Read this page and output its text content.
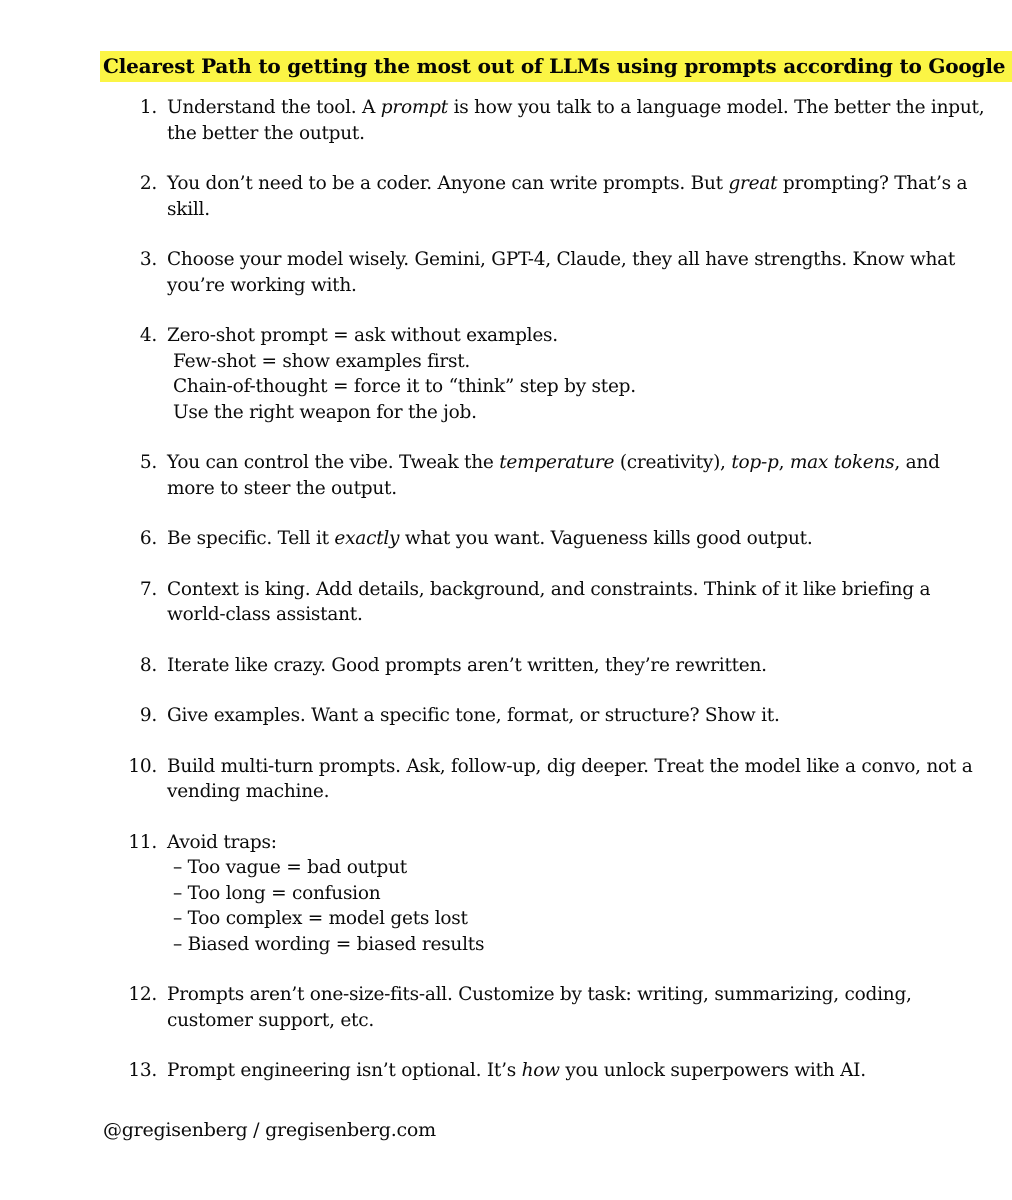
Clearest Path to getting the most out of LLMs using prompts according to Google
1. Understand the tool. A prompt is how you talk to a language model. The better the input,
the better the output.
2. You don’t need to be a coder. Anyone can write prompts. But great prompting? That’s a
skill.
3. Choose your model wisely. Gemini, GPT-4, Claude, they all have strengths. Know what
you’re working with.
4. Zero-shot prompt = ask without examples.
Few-shot = show examples first.
Chain-of-thought = force it to “think” step by step.
Use the right weapon for the job.
5. You can control the vibe. Tweak the temperature (creativity), top-p, max tokens, and
more to steer the output.
6. Be specific. Tell it exactly what you want. Vagueness kills good output.
7. Context is king. Add details, background, and constraints. Think of it like briefing a
world-class assistant.
8. Iterate like crazy. Good prompts aren’t written, they’re rewritten.
9. Give examples. Want a specific tone, format, or structure? Show it.
10. Build multi-turn prompts. Ask, follow-up, dig deeper. Treat the model like a convo, not a
vending machine.
11. Avoid traps:
– Too vague = bad output
– Too long = confusion
– Too complex = model gets lost
– Biased wording = biased results
12. Prompts aren’t one-size-fits-all. Customize by task: writing, summarizing, coding,
customer support, etc.
13. Prompt engineering isn’t optional. It’s how you unlock superpowers with AI.
@gregisenberg / gregisenberg.com
